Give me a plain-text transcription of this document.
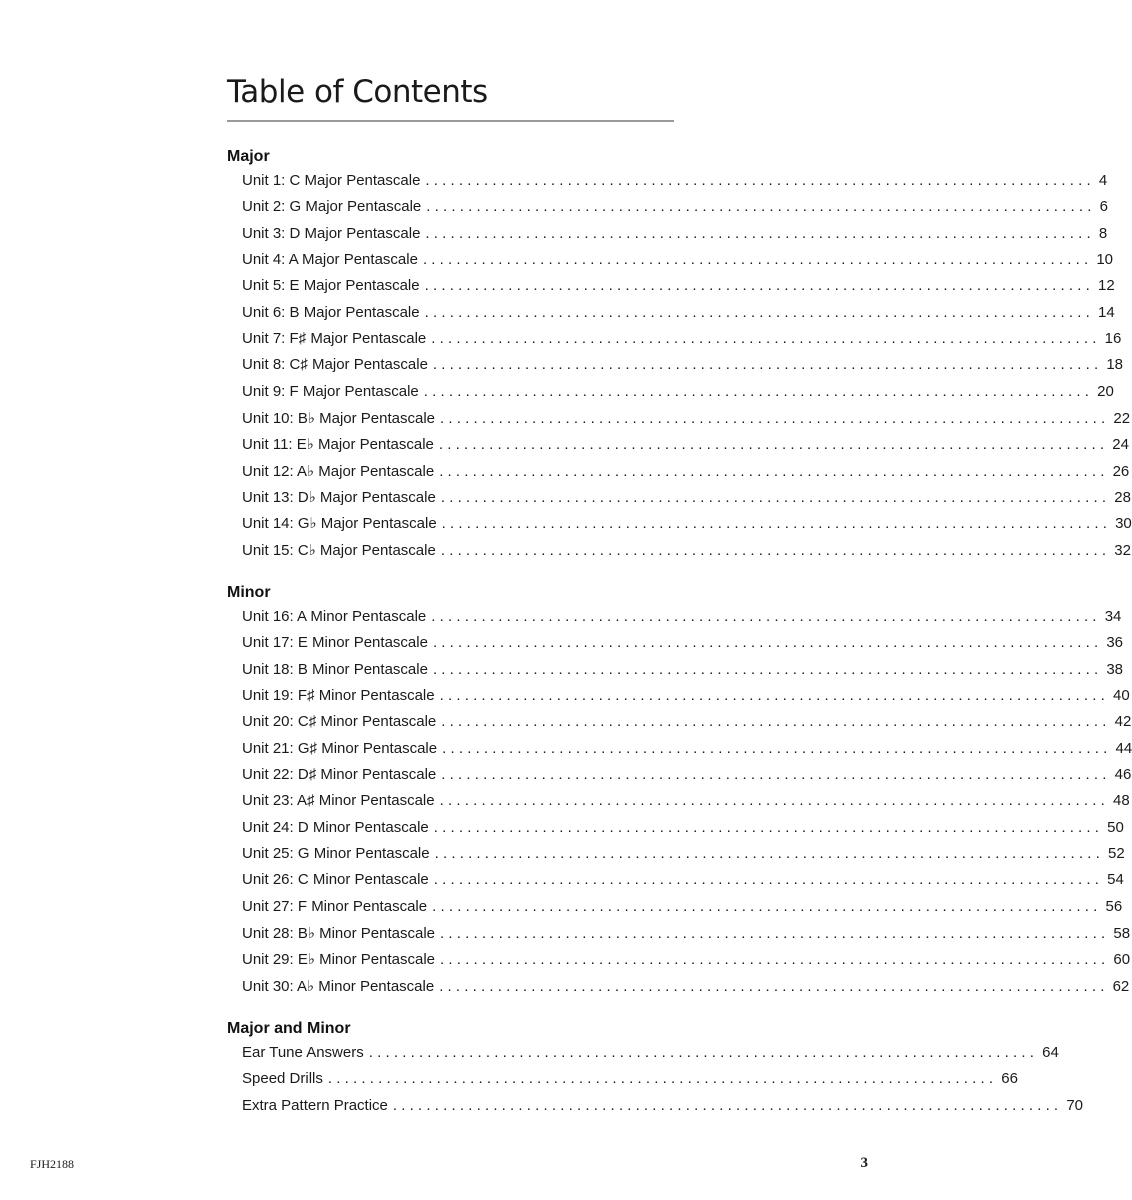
Table of Contents
Major
Unit 1: C Major Pentascale ................................................................................ 4
Unit 2: G Major Pentascale ................................................................................ 6
Unit 3: D Major Pentascale ................................................................................ 8
Unit 4: A Major Pentascale ................................................................................ 10
Unit 5: E Major Pentascale ................................................................................ 12
Unit 6: B Major Pentascale ................................................................................ 14
Unit 7: F♯ Major Pentascale ................................................................................ 16
Unit 8: C♯ Major Pentascale ................................................................................ 18
Unit 9: F Major Pentascale ................................................................................ 20
Unit 10: B♭ Major Pentascale ................................................................................ 22
Unit 11: E♭ Major Pentascale ................................................................................ 24
Unit 12: A♭ Major Pentascale ................................................................................ 26
Unit 13: D♭ Major Pentascale ................................................................................ 28
Unit 14: G♭ Major Pentascale ................................................................................ 30
Unit 15: C♭ Major Pentascale ................................................................................ 32
Minor
Unit 16: A Minor Pentascale ................................................................................ 34
Unit 17: E Minor Pentascale ................................................................................ 36
Unit 18: B Minor Pentascale ................................................................................ 38
Unit 19: F♯ Minor Pentascale ................................................................................ 40
Unit 20: C♯ Minor Pentascale ................................................................................ 42
Unit 21: G♯ Minor Pentascale ................................................................................ 44
Unit 22: D♯ Minor Pentascale ................................................................................ 46
Unit 23: A♯ Minor Pentascale ................................................................................ 48
Unit 24: D Minor Pentascale ................................................................................ 50
Unit 25: G Minor Pentascale ................................................................................ 52
Unit 26: C Minor Pentascale ................................................................................ 54
Unit 27: F Minor Pentascale ................................................................................ 56
Unit 28: B♭ Minor Pentascale ................................................................................ 58
Unit 29: E♭ Minor Pentascale ................................................................................ 60
Unit 30: A♭ Minor Pentascale ................................................................................ 62
Major and Minor
Ear Tune Answers ................................................................................ 64
Speed Drills ................................................................................ 66
Extra Pattern Practice ................................................................................ 70
FJH2188	3
